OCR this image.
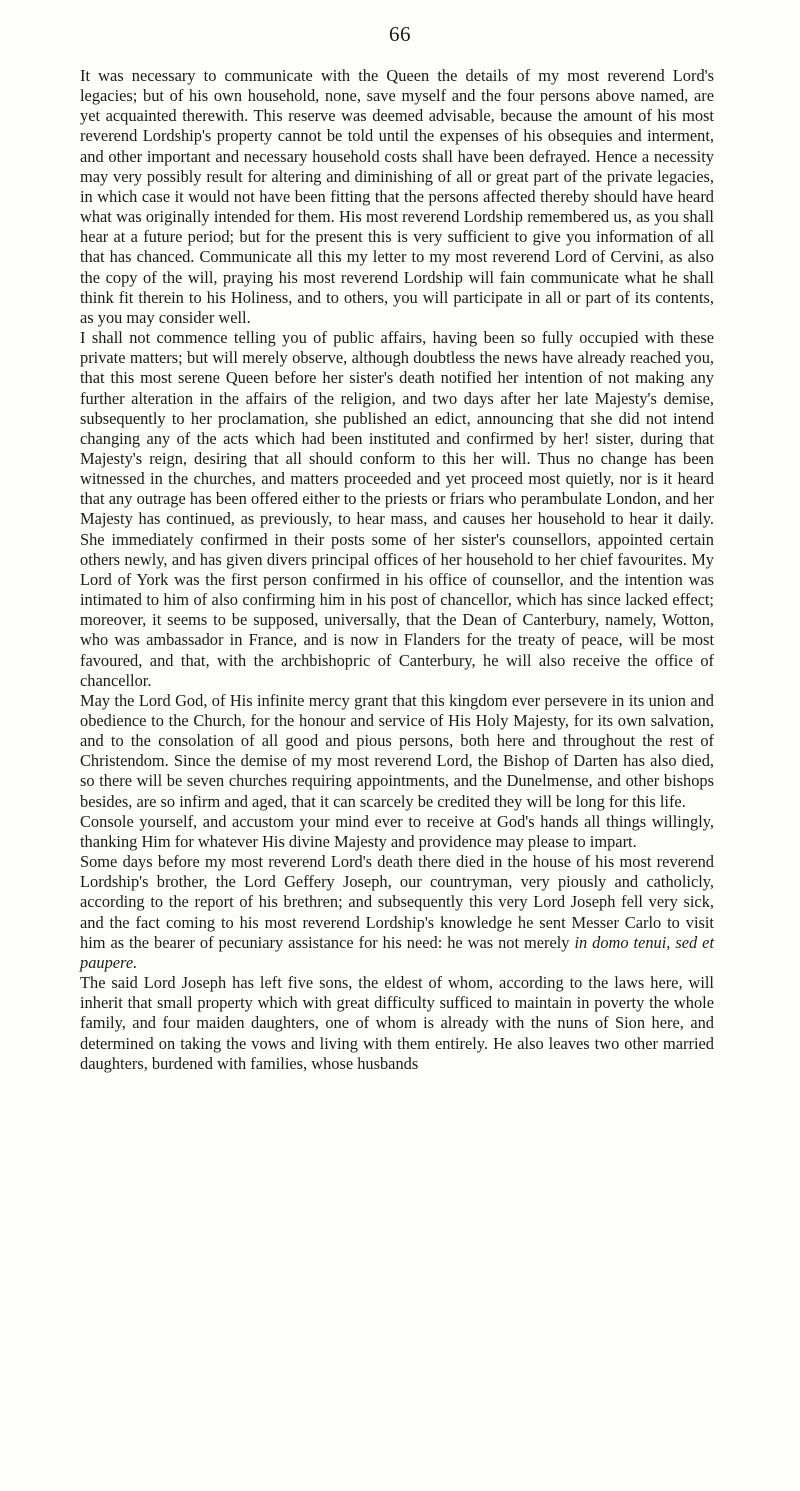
66

It was necessary to communicate with the Queen the details of my most reverend Lord's legacies; but of his own household, none, save myself and the four persons above named, are yet acquainted therewith. This reserve was deemed advisable, because the amount of his most reverend Lordship's property cannot be told until the expenses of his obsequies and interment, and other important and necessary household costs shall have been defrayed. Hence a necessity may very possibly result for altering and diminishing of all or great part of the private legacies, in which case it would not have been fitting that the persons affected thereby should have heard what was originally intended for them. His most reverend Lordship remembered us, as you shall hear at a future period; but for the present this is very sufficient to give you information of all that has chanced. Communicate all this my letter to my most reverend Lord of Cervini, as also the copy of the will, praying his most reverend Lordship will fain communicate what he shall think fit therein to his Holiness, and to others, you will participate in all or part of its contents, as you may consider well.

I shall not commence telling you of public affairs, having been so fully occupied with these private matters; but will merely observe, although doubtless the news have already reached you, that this most serene Queen before her sister's death notified her intention of not making any further alteration in the affairs of the religion, and two days after her late Majesty's demise, subsequently to her proclamation, she published an edict, announcing that she did not intend changing any of the acts which had been instituted and confirmed by her! sister, during that Majesty's reign, desiring that all should conform to this her will. Thus no change has been witnessed in the churches, and matters proceeded and yet proceed most quietly, nor is it heard that any outrage has been offered either to the priests or friars who perambulate London, and her Majesty has continued, as previously, to hear mass, and causes her household to hear it daily. She immediately confirmed in their posts some of her sister's counsellors, appointed certain others newly, and has given divers principal offices of her household to her chief favourites. My Lord of York was the first person confirmed in his office of counsellor, and the intention was intimated to him of also confirming him in his post of chancellor, which has since lacked effect; moreover, it seems to be supposed, universally, that the Dean of Canterbury, namely, Wotton, who was ambassador in France, and is now in Flanders for the treaty of peace, will be most favoured, and that, with the archbishopric of Canterbury, he will also receive the office of chancellor.

May the Lord God, of His infinite mercy grant that this kingdom ever persevere in its union and obedience to the Church, for the honour and service of His Holy Majesty, for its own salvation, and to the consolation of all good and pious persons, both here and throughout the rest of Christendom. Since the demise of my most reverend Lord, the Bishop of Darten has also died, so there will be seven churches requiring appointments, and the Dunelmense, and other bishops besides, are so infirm and aged, that it can scarcely be credited they will be long for this life.

Console yourself, and accustom your mind ever to receive at God's hands all things willingly, thanking Him for whatever His divine Majesty and providence may please to impart.

Some days before my most reverend Lord's death there died in the house of his most reverend Lordship's brother, the Lord Geffery Joseph, our countryman, very piously and catholicly, according to the report of his brethren; and subsequently this very Lord Joseph fell very sick, and the fact coming to his most reverend Lordship's knowledge he sent Messer Carlo to visit him as the bearer of pecuniary assistance for his need: he was not merely in domo tenui, sed et paupere.

The said Lord Joseph has left five sons, the eldest of whom, according to the laws here, will inherit that small property which with great difficulty sufficed to maintain in poverty the whole family, and four maiden daughters, one of whom is already with the nuns of Sion here, and determined on taking the vows and living with them entirely. He also leaves two other married daughters, burdened with families, whose husbands
